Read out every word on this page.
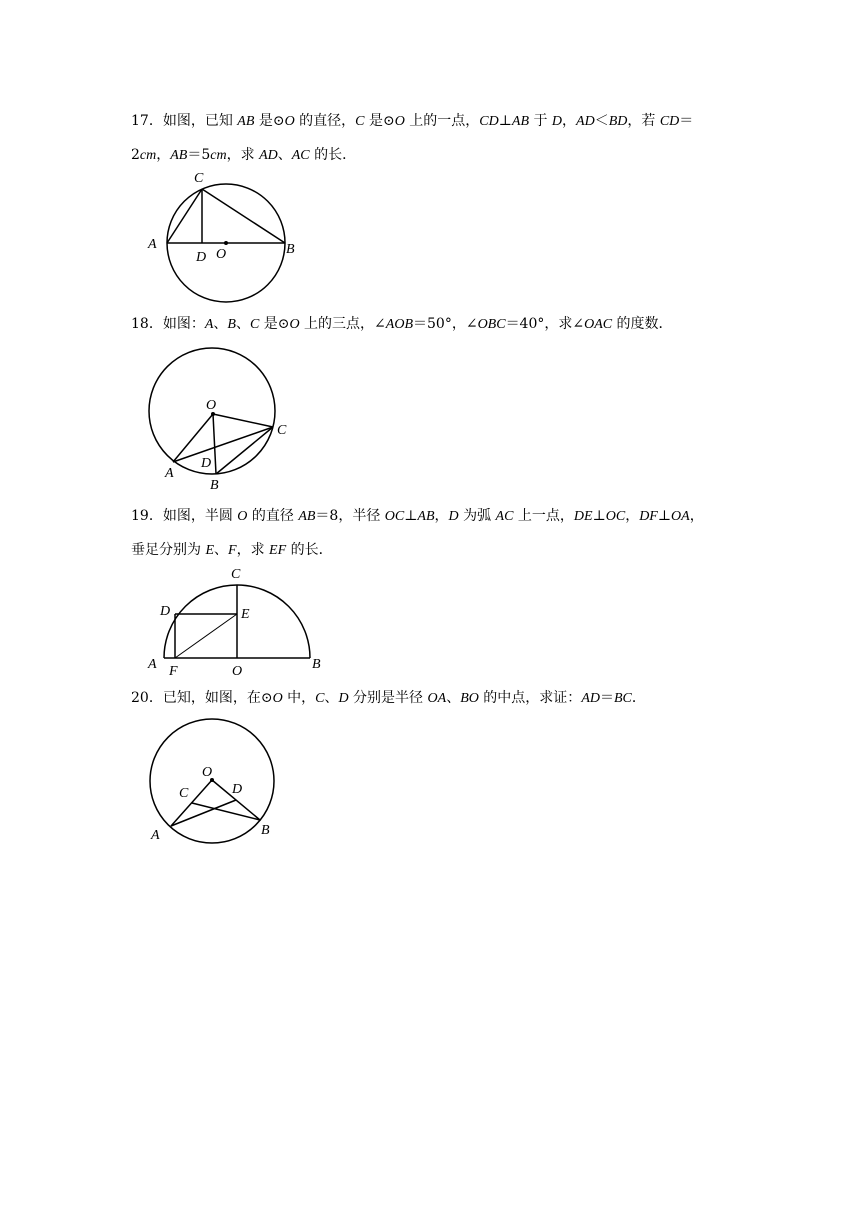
17．如图，已知 AB 是⊙O 的直径，C 是⊙O 上的一点，CD⊥AB 于 D，AD＜BD，若 CD＝
2cm，AB＝5cm，求 AD、AC 的长．
C
A
D O	B
18．如图：A、B、C 是⊙O 上的三点，∠AOB＝50°，∠OBC＝40°，求∠OAC 的度数．
O
C
A
D
B
19．如图，半圆 O 的直径 AB＝8，半径 OC⊥AB，D 为弧 AC 上一点，DE⊥OC，DF⊥OA，
C
D	E
A F	O	B
垂足分别为 E、F，求 EF 的长．
20．已知，如图，在⊙O 中，C、D 分别是半径 OA、BO 的中点，求证：AD＝BC．
O
C	D
A	B
